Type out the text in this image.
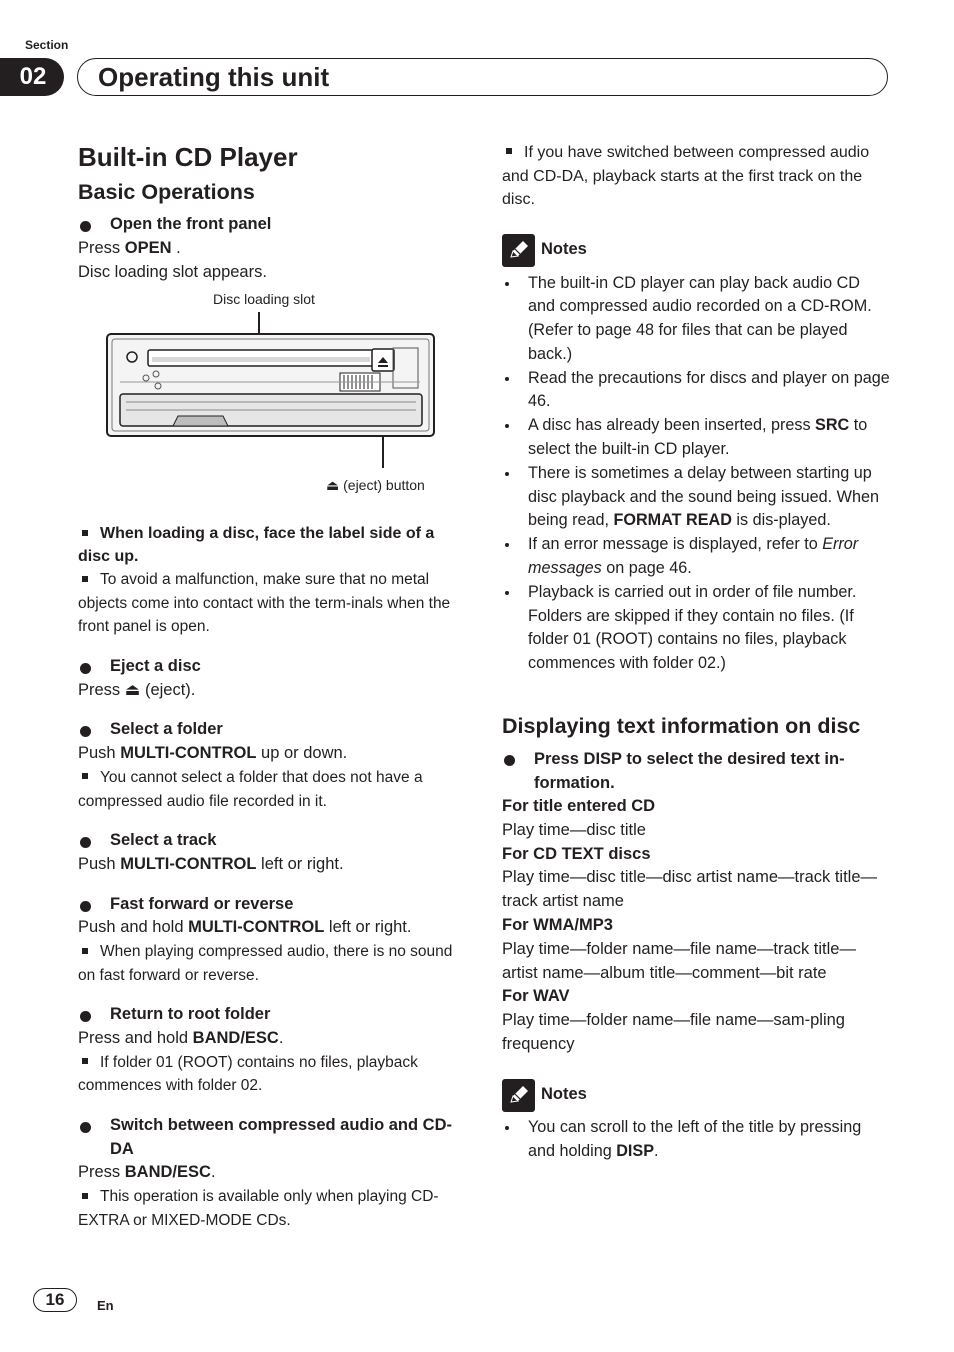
Section
02	Operating this unit
Built-in CD Player
Basic Operations
Open the front panel

Press OPEN .

Disc loading slot appears.

Disc loading slot
⏏ (eject) button

When loading a disc, face the label side of a disc up.

To avoid a malfunction, make sure that no metal objects come into contact with the term-inals when the front panel is open.

Eject a disc

Press ⏏ (eject).

Select a folder

Push MULTI-CONTROL up or down.

You cannot select a folder that does not have a compressed audio file recorded in it.

Select a track

Push MULTI-CONTROL left or right.

Fast forward or reverse

Push and hold MULTI-CONTROL left or right.

When playing compressed audio, there is no sound on fast forward or reverse.

Return to root folder

Press and hold BAND/ESC.

If folder 01 (ROOT) contains no files, playback commences with folder 02.

Switch between compressed audio and CD-DA

Press BAND/ESC.

This operation is available only when playing CD-EXTRA or MIXED-MODE CDs.

If you have switched between compressed audio and CD-DA, playback starts at the first track on the disc.

Notes
The built-in CD player can play back audio CD and compressed audio recorded on a CD-ROM. (Refer to page 48 for files that can be played back.)
Read the precautions for discs and player on page 46.
A disc has already been inserted, press SRC to select the built-in CD player.
There is sometimes a delay between starting up disc playback and the sound being issued. When being read, FORMAT READ is dis-played.
If an error message is displayed, refer to Error messages on page 46.
Playback is carried out in order of file number. Folders are skipped if they contain no files. (If folder 01 (ROOT) contains no files, playback commences with folder 02.)
Displaying text information on disc
Press DISP to select the desired text in-formation.

For title entered CD

Play time—disc title

For CD TEXT discs

Play time—disc title—disc artist name—track title—track artist name

For WMA/MP3

Play time—folder name—file name—track title—artist name—album title—comment—bit rate

For WAV

Play time—folder name—file name—sam-pling frequency

Notes
You can scroll to the left of the title by pressing and holding DISP.
16	En
